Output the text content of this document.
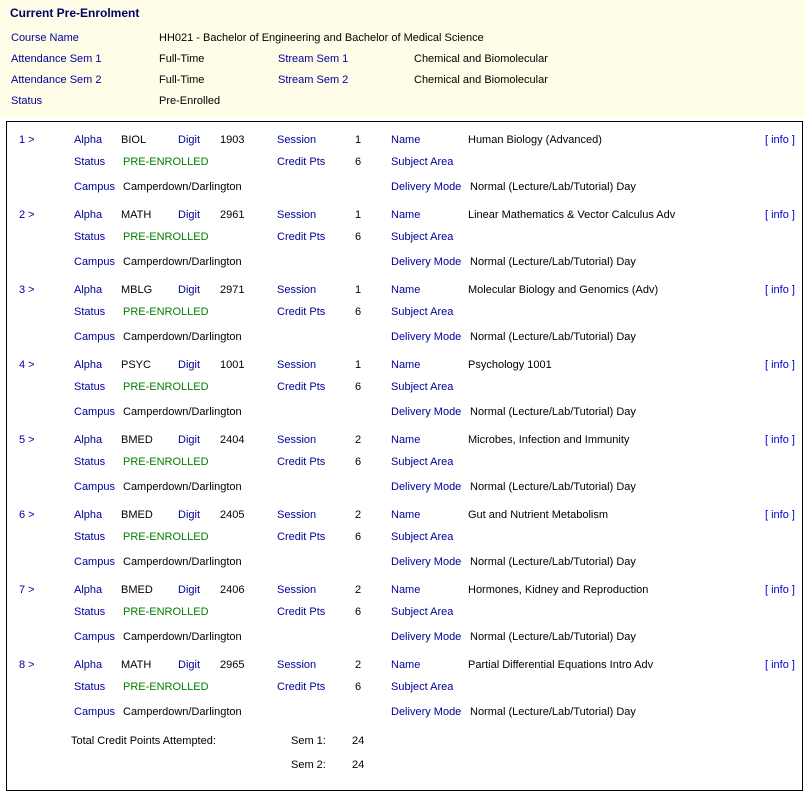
Current Pre-Enrolment
Course Name	HH021 - Bachelor of Engineering and Bachelor of Medical Science
Attendance Sem 1	Full-Time	Stream Sem 1	Chemical and Biomolecular
Attendance Sem 2	Full-Time	Stream Sem 2	Chemical and Biomolecular
Status	Pre-Enrolled
1 >	Alpha BIOL	Digit 1903	Session	1	Name	Human Biology (Advanced)	[ info ]
Status PRE-ENROLLED	Credit Pts	6	Subject Area
Campus Camperdown/Darlington	Delivery Mode Normal (Lecture/Lab/Tutorial) Day
2 >	Alpha MATH Digit 2961	Session	1	Name	Linear Mathematics & Vector Calculus Adv	[ info ]
Status PRE-ENROLLED	Credit Pts	6	Subject Area
Campus Camperdown/Darlington	Delivery Mode Normal (Lecture/Lab/Tutorial) Day
3 >	Alpha MBLG Digit 2971	Session	1	Name	Molecular Biology and Genomics (Adv)	[ info ]
Status PRE-ENROLLED	Credit Pts	6	Subject Area
Campus Camperdown/Darlington	Delivery Mode Normal (Lecture/Lab/Tutorial) Day
4 >	Alpha PSYC Digit 1001	Session	1	Name	Psychology 1001	[ info ]
Status PRE-ENROLLED	Credit Pts	6	Subject Area
Campus Camperdown/Darlington	Delivery Mode Normal (Lecture/Lab/Tutorial) Day
5 >	Alpha BMED Digit 2404	Session	2	Name	Microbes, Infection and Immunity	[ info ]
Status PRE-ENROLLED	Credit Pts	6	Subject Area
Campus Camperdown/Darlington	Delivery Mode Normal (Lecture/Lab/Tutorial) Day
6 >	Alpha BMED Digit 2405	Session	2	Name	Gut and Nutrient Metabolism	[ info ]
Status PRE-ENROLLED	Credit Pts	6	Subject Area
Campus Camperdown/Darlington	Delivery Mode Normal (Lecture/Lab/Tutorial) Day
7 >	Alpha BMED Digit 2406	Session	2	Name	Hormones, Kidney and Reproduction	[ info ]
Status PRE-ENROLLED	Credit Pts	6	Subject Area
Campus Camperdown/Darlington	Delivery Mode Normal (Lecture/Lab/Tutorial) Day
8 >	Alpha MATH Digit 2965	Session	2	Name	Partial Differential Equations Intro Adv	[ info ]
Status PRE-ENROLLED	Credit Pts	6	Subject Area
Campus Camperdown/Darlington	Delivery Mode Normal (Lecture/Lab/Tutorial) Day
Total Credit Points Attempted:	Sem 1: 24
Sem 2: 24
